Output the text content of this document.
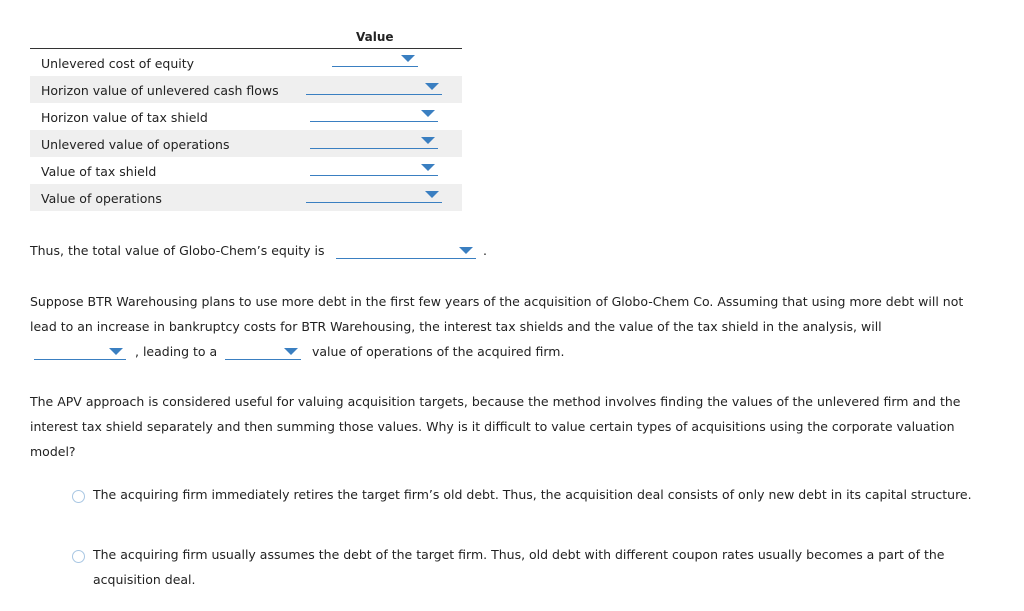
Value
Unlevered cost of equity
Horizon value of unlevered cash flows
Horizon value of tax shield
Unlevered value of operations
Value of tax shield
Value of operations
Thus, the total value of Globo-Chem’s equity is	.
Suppose BTR Warehousing plans to use more debt in the first few years of the acquisition of Globo-Chem Co. Assuming that using more debt will not
lead to an increase in bankruptcy costs for BTR Warehousing, the interest tax shields and the value of the tax shield in the analysis, will
, leading to a	value of operations of the acquired firm.
The APV approach is considered useful for valuing acquisition targets, because the method involves finding the values of the unlevered firm and the
interest tax shield separately and then summing those values. Why is it difficult to value certain types of acquisitions using the corporate valuation
model?
The acquiring firm immediately retires the target firm’s old debt. Thus, the acquisition deal consists of only new debt in its capital structure.
The acquiring firm usually assumes the debt of the target firm. Thus, old debt with different coupon rates usually becomes a part of the acquisition deal.
